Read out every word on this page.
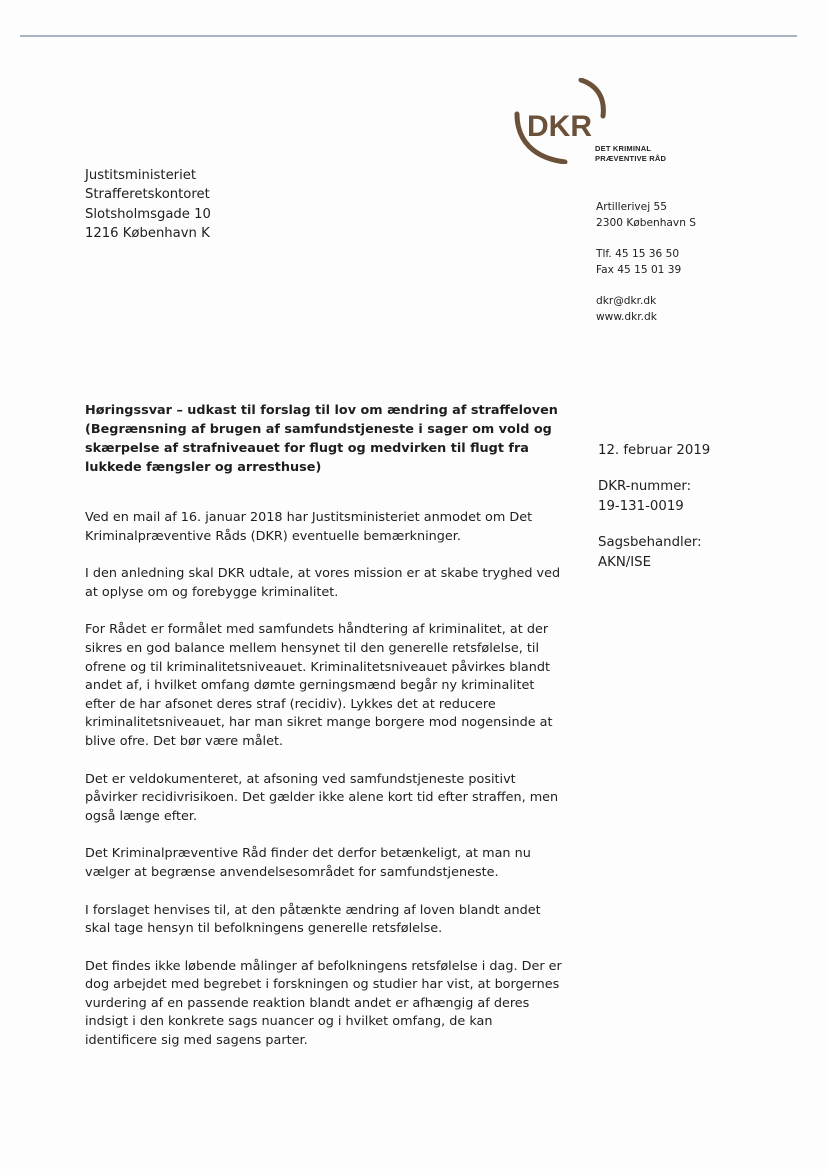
DKR
DET KRIMINAL
PRÆVENTIVE RÅD
Justitsministeriet
Strafferetskontoret
Slotsholmsgade 10
1216 København K
Artillerivej 55
2300 København S
Tlf. 45 15 36 50
Fax 45 15 01 39
dkr@dkr.dk
www.dkr.dk
Høringssvar – udkast til forslag til lov om ændring af straffeloven
(Begrænsning af brugen af samfundstjeneste i sager om vold og
skærpelse af strafniveauet for flugt og medvirken til flugt fra
lukkede fængsler og arresthuse)
12. februar 2019
DKR-nummer:
19-131-0019
Sagsbehandler:
AKN/ISE

Ved en mail af 16. januar 2018 har Justitsministeriet anmodet om Det
Kriminalpræventive Råds (DKR) eventuelle bemærkninger.

I den anledning skal DKR udtale, at vores mission er at skabe tryghed ved
at oplyse om og forebygge kriminalitet.

For Rådet er formålet med samfundets håndtering af kriminalitet, at der
sikres en god balance mellem hensynet til den generelle retsfølelse, til
ofrene og til kriminalitetsniveauet. Kriminalitetsniveauet påvirkes blandt
andet af, i hvilket omfang dømte gerningsmænd begår ny kriminalitet
efter de har afsonet deres straf (recidiv). Lykkes det at reducere
kriminalitetsniveauet, har man sikret mange borgere mod nogensinde at
blive ofre. Det bør være målet.

Det er veldokumenteret, at afsoning ved samfundstjeneste positivt
påvirker recidivrisikoen. Det gælder ikke alene kort tid efter straffen, men
også længe efter.

Det Kriminalpræventive Råd finder det derfor betænkeligt, at man nu
vælger at begrænse anvendelsesområdet for samfundstjeneste.

I forslaget henvises til, at den påtænkte ændring af loven blandt andet
skal tage hensyn til befolkningens generelle retsfølelse.

Det findes ikke løbende målinger af befolkningens retsfølelse i dag. Der er
dog arbejdet med begrebet i forskningen og studier har vist, at borgernes
vurdering af en passende reaktion blandt andet er afhængig af deres
indsigt i den konkrete sags nuancer og i hvilket omfang, de kan
identificere sig med sagens parter.
